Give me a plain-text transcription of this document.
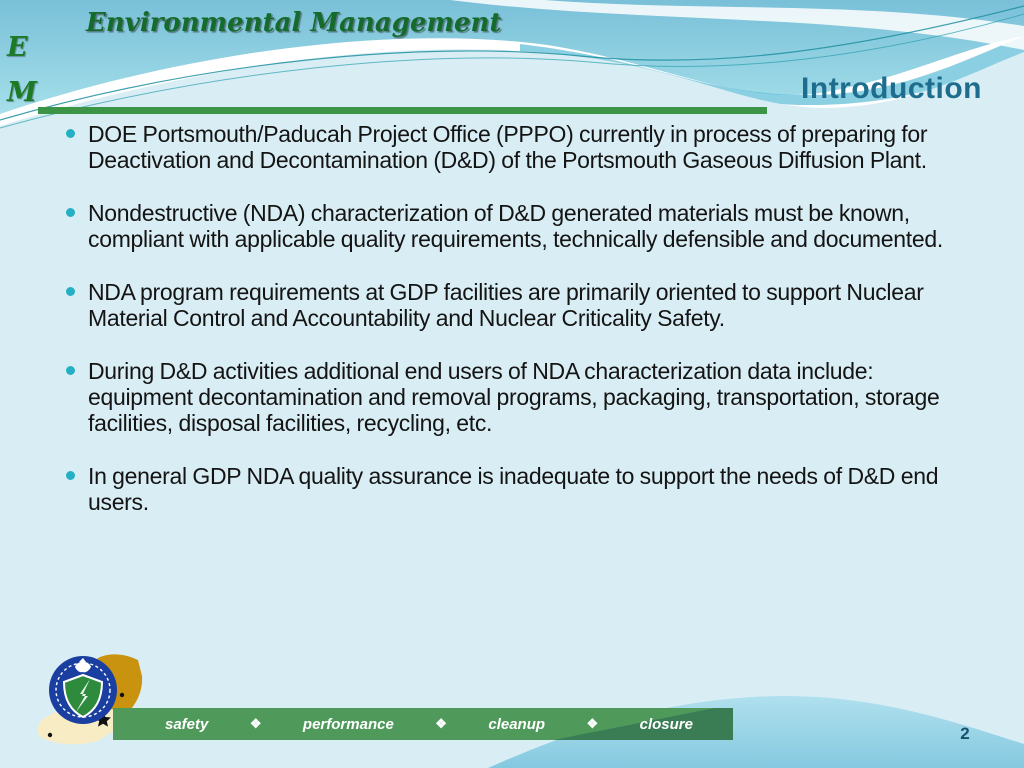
E
M
Environmental Management
Introduction
DOE Portsmouth/Paducah Project Office (PPPO) currently in process of preparing for Deactivation and Decontamination (D&D) of the Portsmouth Gaseous Diffusion Plant.
Nondestructive (NDA) characterization of D&D generated materials must be known, compliant with applicable quality requirements, technically defensible and documented.
NDA program requirements at GDP facilities are primarily oriented to support Nuclear Material Control and Accountability and Nuclear Criticality Safety.
During D&D activities additional end users of NDA characterization data include: equipment decontamination and removal programs, packaging, transportation, storage facilities, disposal facilities, recycling, etc.
In general GDP NDA quality assurance is inadequate to support the needs of D&D end users.
safety	❖	performance	❖	cleanup	❖	closure	2
